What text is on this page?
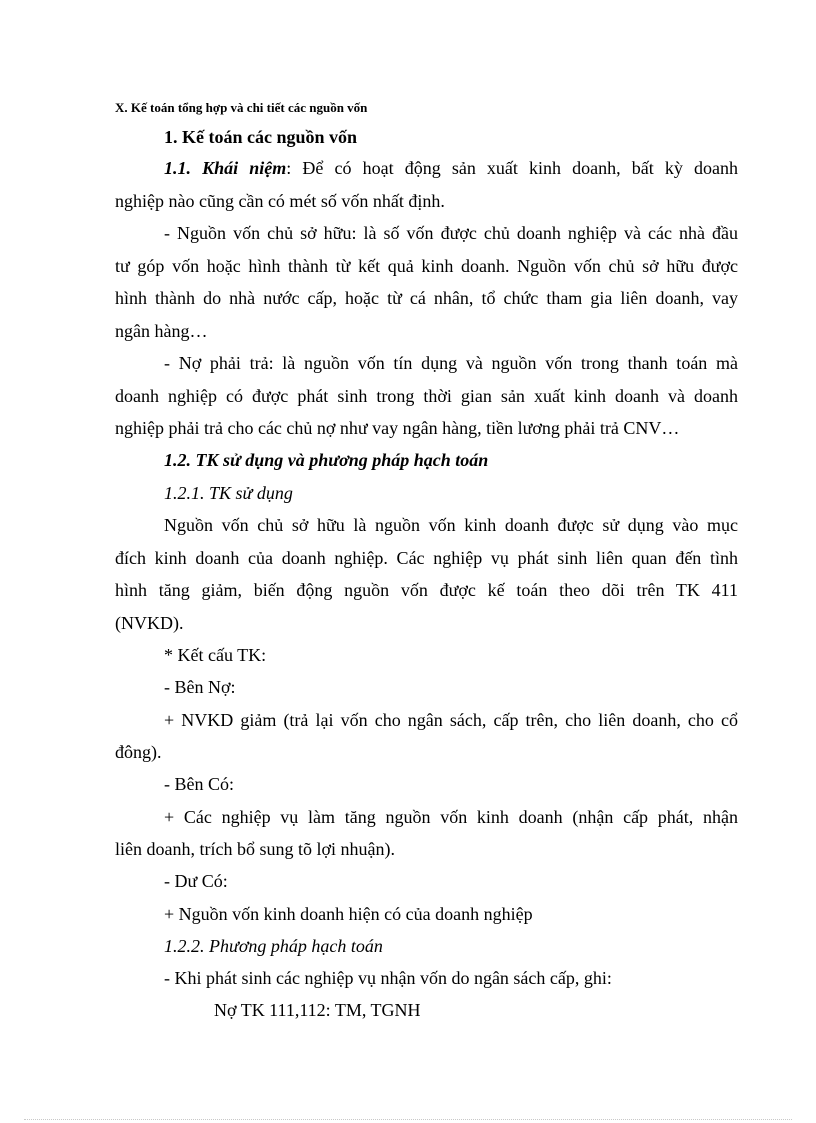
X. Kế toán tổng hợp và chi tiết các nguồn vốn
1. Kế toán các nguồn vốn
1.1. Khái niệm: Để có hoạt động sản xuất kinh doanh, bất kỳ doanh
nghiệp nào cũng cần có mét số vốn nhất định.
- Nguồn vốn chủ sở hữu: là số vốn được chủ doanh nghiệp và các nhà đầu
tư góp vốn hoặc hình thành từ kết quả kinh doanh. Nguồn vốn chủ sở hữu được
hình thành do nhà nước cấp, hoặc từ cá nhân, tổ chức tham gia liên doanh, vay
ngân hàng…
- Nợ phải trả: là nguồn vốn tín dụng và nguồn vốn trong thanh toán mà
doanh nghiệp có được phát sinh trong thời gian sản xuất kinh doanh và doanh
nghiệp phải trả cho các chủ nợ như vay ngân hàng, tiền lương phải trả CNV…
1.2. TK sử dụng và phương pháp hạch toán
1.2.1. TK sử dụng
Nguồn vốn chủ sở hữu là nguồn vốn kinh doanh được sử dụng vào mục
đích kinh doanh của doanh nghiệp. Các nghiệp vụ phát sinh liên quan đến tình
hình tăng giảm, biến động nguồn vốn được kế toán theo dõi trên TK 411
(NVKD).
* Kết cấu TK:
- Bên Nợ:
+ NVKD giảm (trả lại vốn cho ngân sách, cấp trên, cho liên doanh, cho cổ
đông).
- Bên Có:
+ Các nghiệp vụ làm tăng nguồn vốn kinh doanh (nhận cấp phát, nhận
liên doanh, trích bổ sung tõ lợi nhuận).
- Dư Có:
+ Nguồn vốn kinh doanh hiện có của doanh nghiệp
1.2.2. Phương pháp hạch toán
- Khi phát sinh các nghiệp vụ nhận vốn do ngân sách cấp, ghi:
Nợ TK 111,112: TM, TGNH
